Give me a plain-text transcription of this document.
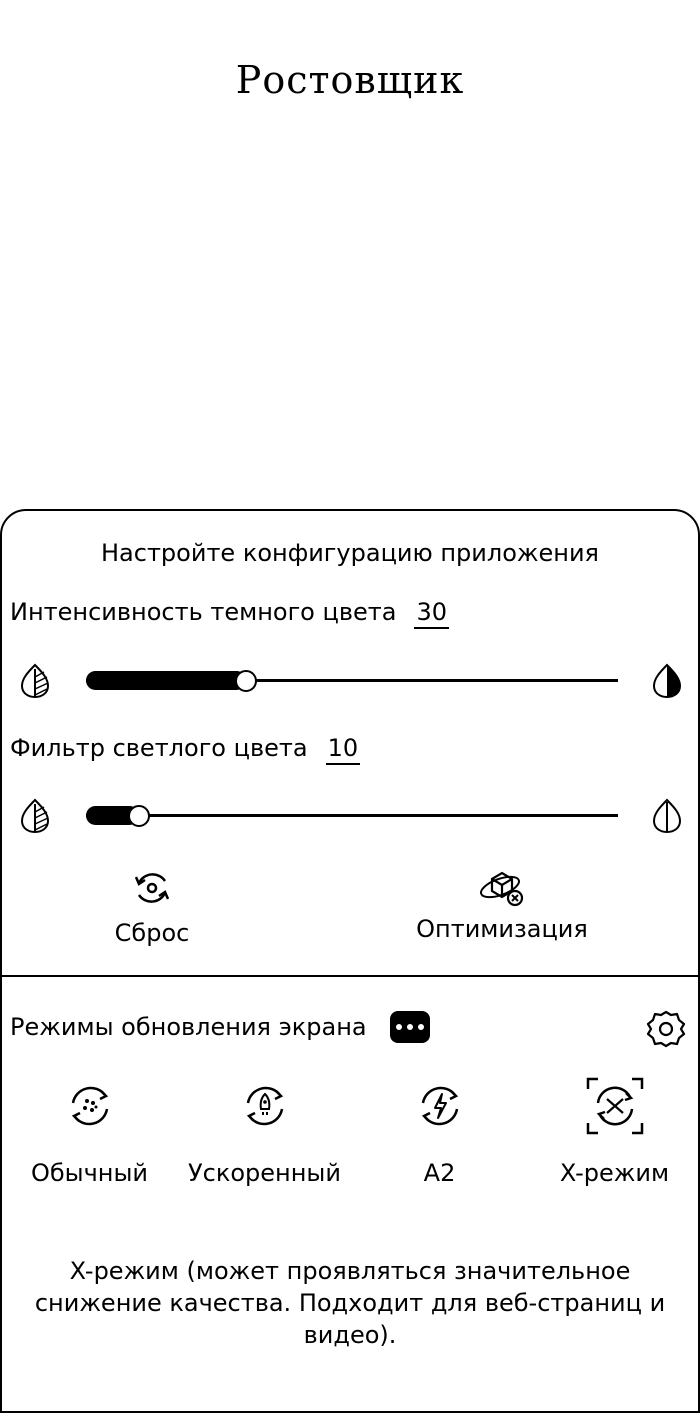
Ростовщик
Настройте конфигурацию приложения
Интенсивность темного цвета 30
Фильтр светлого цвета 10
Сброс	Оптимизация
Режимы обновления экрана
Обычный	Ускоренный	A2	X-режим
X-режим (может проявляться значительное снижение качества. Подходит для веб-страниц и видео).
